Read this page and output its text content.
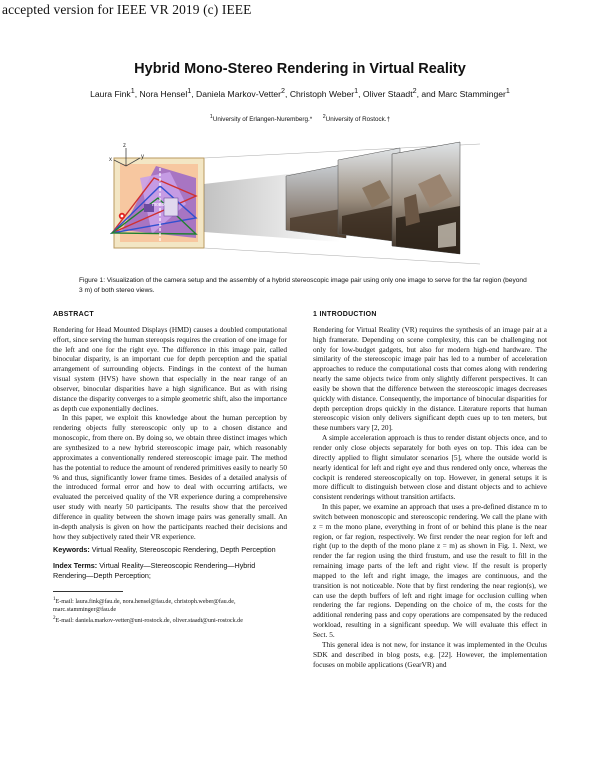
accepted version for IEEE VR 2019 (c) IEEE
Hybrid Mono-Stereo Rendering in Virtual Reality
Laura Fink$^1$, Nora Hensel$^1$, Daniela Markov-Vetter$^2$, Christoph Weber$^1$, Oliver Staadt$^2$, and Marc Stamminger$^1$
$^1$University of Erlangen-Nuremberg.*      $^2$University of Rostock.†
mono
z
y
x
Figure 1: Visualization of the camera setup and the assembly of a hybrid stereoscopic image pair using only one image to serve for the far region (beyond 3 m) of both stereo views.
ABSTRACT

Rendering for Head Mounted Displays (HMD) causes a doubled computational effort, since serving the human stereopsis requires the creation of one image for the left and one for the right eye. The difference in this image pair, called binocular disparity, is an important cue for depth perception and the spatial arrangement of surrounding objects. Findings in the context of the human visual system (HVS) have shown that especially in the near range of an observer, binocular disparities have a high significance. But as with rising distance the disparity converges to a simple geometric shift, also the importance as depth cue exponentially declines.

In this paper, we exploit this knowledge about the human perception by rendering objects fully stereoscopic only up to a chosen distance and monoscopic, from there on. By doing so, we obtain three distinct images which are synthesized to a new hybrid stereoscopic image pair, which reasonably approximates a conventionally rendered stereoscopic image pair. The method has the potential to reduce the amount of rendered primitives easily to nearly 50 % and thus, significantly lower frame times. Besides of a detailed analysis of the introduced formal error and how to deal with occurring artifacts, we evaluated the perceived quality of the VR experience during a comprehensive user study with nearly 50 participants. The results show that the perceived difference in quality between the shown image pairs was generally small. An in-depth analysis is given on how the participants reached their decisions and how they subjectively rated their VR experience.

Keywords: Virtual Reality, Stereoscopic Rendering, Depth Perception

Index Terms: Virtual Reality—Stereoscopic Rendering—Hybrid Rendering—Depth Perception;

$^1$E-mail: laura.fink@fau.de, nora.hensel@fau.de, christoph.weber@fau.de, marc.stamminger@fau.de

$^2$E-mail: daniela.markov-vetter@uni-rostock.de, oliver.staadt@uni-rostock.de

1 INTRODUCTION

Rendering for Virtual Reality (VR) requires the synthesis of an image pair at a high framerate. Depending on scene complexity, this can be challenging not only for low-budget gadgets, but also for modern high-end hardware. The similarity of the stereoscopic image pair has led to a number of acceleration approaches to reduce the computational costs that comes along with rendering nearly the same objects twice from only slightly different perspectives. It can easily be shown that the difference between the stereoscopic images decreases quickly with distance. Consequently, the importance of binocular disparities for depth perception drops quickly in the distance. Literature reports that human stereoscopic vision only delivers significant depth cues up to ten meters, but these numbers vary [2, 20].

A simple acceleration approach is thus to render distant objects once, and to render only close objects separately for both eyes on top. This idea can be directly applied to flight simulator scenarios [5], where the outside world is nearly identical for left and right eye and thus rendered only once, whereas the cockpit is rendered stereoscopically on top. However, in general setups it is more difficult to distinguish between close and distant objects and to achieve consistent renderings without transition artifacts.

In this paper, we examine an approach that uses a pre-defined distance m to switch between monoscopic and stereoscopic rendering. We call the plane with z = m the mono plane, everything in front of or behind this plane is the near region, or far region, respectively. We first render the near region for left and right (up to the depth of the mono plane z = m) as shown in Fig. 1. Next, we render the far region using the third frustum, and use the result to fill in the remaining image parts of the left and right view. If the result is properly mapped to the left and right image, the images are continuous, and the transition is not noticeable. Note that by first rendering the near region(s), we can use the depth buffers of left and right image for occlusion culling when rendering the far regions. Depending on the choice of m, the costs for the additional rendering pass and copy operations are compensated by the reduced workload, resulting in a significant speedup. We will evaluate this effect in Sect. 5.

This general idea is not new, for instance it was implemented in the Oculus SDK and described in blog posts, e.g. [22]. However, the implementation focuses on mobile applications (GearVR) and
